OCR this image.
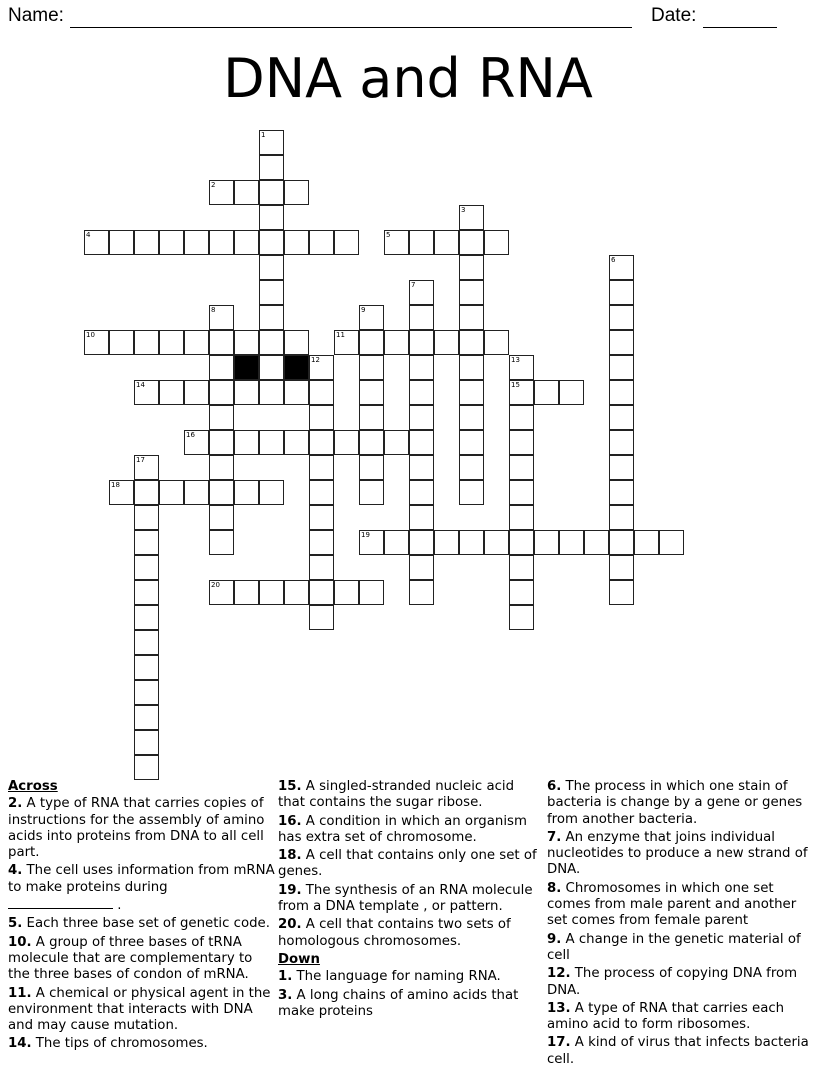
Name:	Date:
DNA and RNA
1
2
3
4	5
6
7
8	9
10	11
12	13
15
14
16
17
18
19
20
Across
2. A type of RNA that carries copies of instructions for the assembly of amino acids into proteins from DNA to all cell part.
4. The cell uses information from mRNA to make proteins during
.
5. Each three base set of genetic code.
10. A group of three bases of tRNA molecule that are complementary to the three bases of condon of mRNA.
11. A chemical or physical agent in the environment that interacts with DNA and may cause mutation.
14. The tips of chromosomes.
15. A singled-stranded nucleic acid that contains the sugar ribose.
16. A condition in which an organism has extra set of chromosome.
18. A cell that contains only one set of genes.
19. The synthesis of an RNA molecule from a DNA template , or pattern.
20. A cell that contains two sets of homologous chromosomes.
Down
1. The language for naming RNA.
3. A long chains of amino acids that make proteins
6. The process in which one stain of bacteria is change by a gene or genes from another bacteria.
7. An enzyme that joins individual nucleotides to produce a new strand of DNA.
8. Chromosomes in which one set comes from male parent and another set comes from female parent
9. A change in the genetic material of cell
12. The process of copying DNA from DNA.
13. A type of RNA that carries each amino acid to form ribosomes.
17. A kind of virus that infects bacteria cell.
